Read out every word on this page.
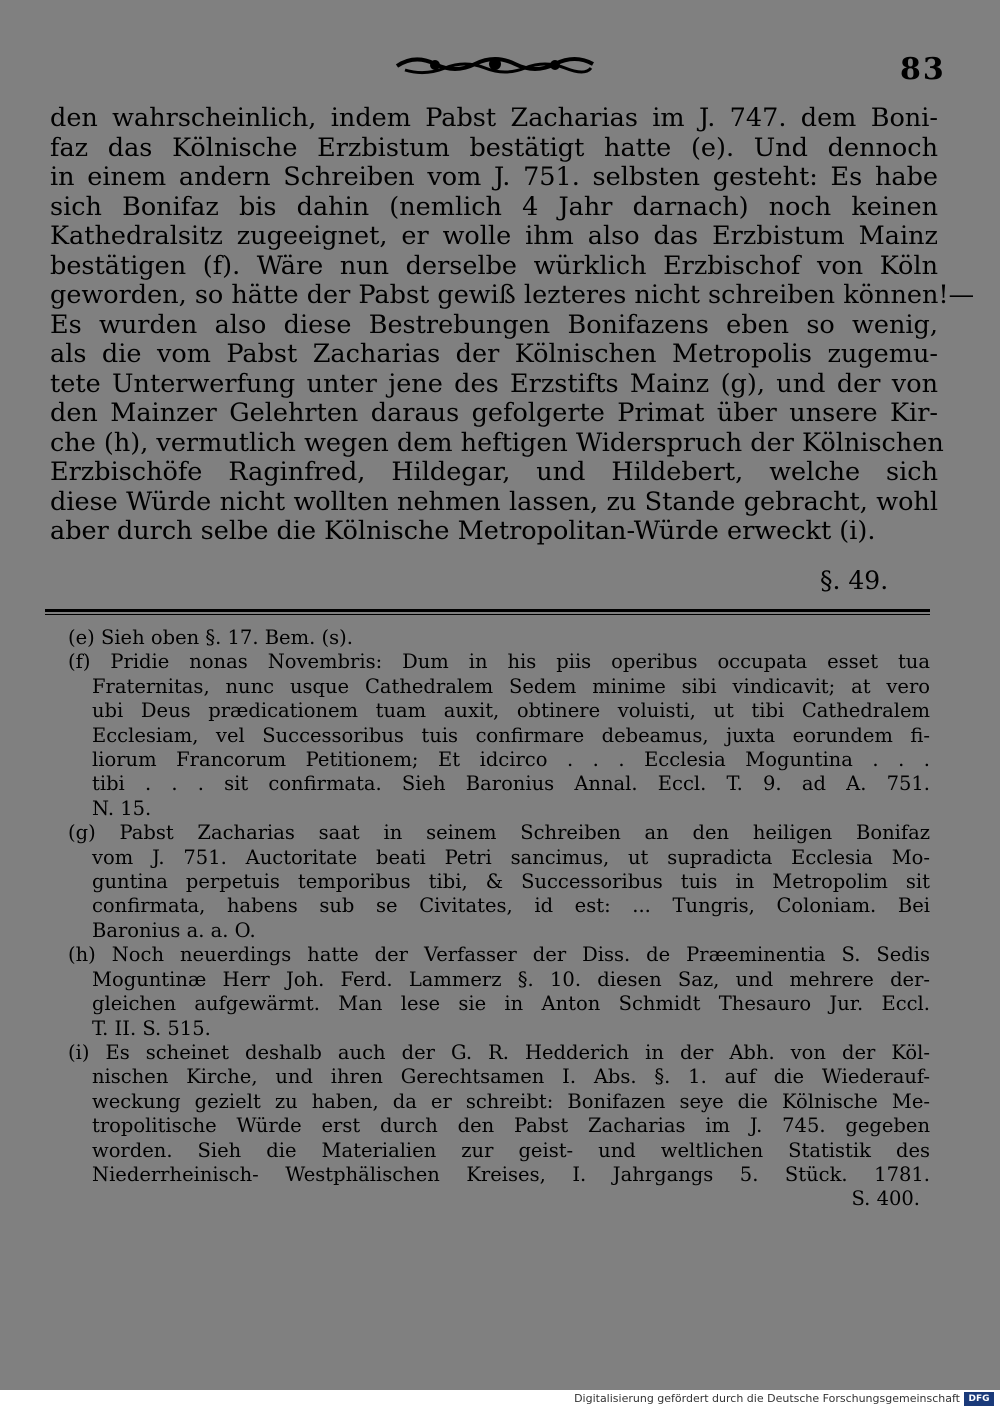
83
den wahrscheinlich, indem Pabst Zacharias im J. 747. dem Boni-
faz das Kölnische Erzbistum bestätigt hatte (e). Und dennoch
in einem andern Schreiben vom J. 751. selbsten gesteht: Es habe
sich Bonifaz bis dahin (nemlich 4 Jahr darnach) noch keinen
Kathedralsitz zugeeignet, er wolle ihm also das Erzbistum Mainz
bestätigen (f). Wäre nun derselbe würklich Erzbischof von Köln
geworden, so hätte der Pabst gewiß lezteres nicht schreiben können!—
Es wurden also diese Bestrebungen Bonifazens eben so wenig,
als die vom Pabst Zacharias der Kölnischen Metropolis zugemu-
tete Unterwerfung unter jene des Erzstifts Mainz (g), und der von
den Mainzer Gelehrten daraus gefolgerte Primat über unsere Kir-
che (h), vermutlich wegen dem heftigen Widerspruch der Kölnischen
Erzbischöfe Raginfred, Hildegar, und Hildebert, welche sich
diese Würde nicht wollten nehmen lassen, zu Stande gebracht, wohl
aber durch selbe die Kölnische Metropolitan-Würde erweckt (i).
§. 49.
(e) Sieh oben §. 17. Bem. (s).
(f) Pridie nonas Novembris: Dum in his piis operibus occupata esset tua
Fraternitas, nunc usque Cathedralem Sedem minime sibi vindicavit; at vero
ubi Deus prædicationem tuam auxit, obtinere voluisti, ut tibi Cathedralem
Ecclesiam, vel Successoribus tuis confirmare debeamus, juxta eorundem fi-
liorum Francorum Petitionem; Et idcirco . . . Ecclesia Moguntina . . .
tibi . . . sit confirmata. Sieh Baronius Annal. Eccl. T. 9. ad A. 751.
N. 15.
(g) Pabst Zacharias saat in seinem Schreiben an den heiligen Bonifaz
vom J. 751. Auctoritate beati Petri sancimus, ut supradicta Ecclesia Mo-
guntina perpetuis temporibus tibi, & Successoribus tuis in Metropolim sit
confirmata, habens sub se Civitates, id est: ... Tungris, Coloniam. Bei
Baronius a. a. O.
(h) Noch neuerdings hatte der Verfasser der Diss. de Præeminentia S. Sedis
Moguntinæ Herr Joh. Ferd. Lammerz §. 10. diesen Saz, und mehrere der-
gleichen aufgewärmt. Man lese sie in Anton Schmidt Thesauro Jur. Eccl.
T. II. S. 515.
(i) Es scheinet deshalb auch der G. R. Hedderich in der Abh. von der Köl-
nischen Kirche, und ihren Gerechtsamen I. Abs. §. 1. auf die Wiederauf-
weckung gezielt zu haben, da er schreibt: Bonifazen seye die Kölnische Me-
tropolitische Würde erst durch den Pabst Zacharias im J. 745. gegeben
worden. Sieh die Materialien zur geist- und weltlichen Statistik des
Niederrheinisch- Westphälischen Kreises, I. Jahrgangs 5. Stück. 1781.
S. 400.
Digitalisierung gefördert durch die Deutsche Forschungsgemeinschaft DFG
